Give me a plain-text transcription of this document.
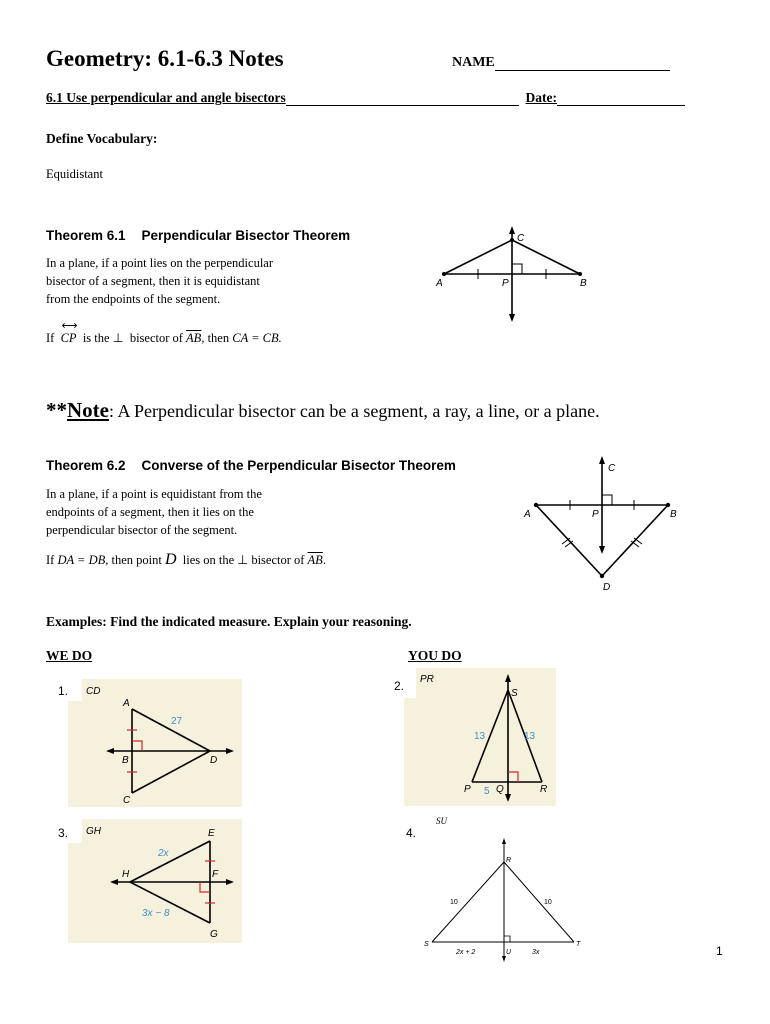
Geometry: 6.1-6.3 Notes	NAME
6.1 Use perpendicular and angle bisectors	Date:
Define Vocabulary:
Equidistant
Theorem 6.1 Perpendicular Bisector Theorem
In a plane, if a point lies on the perpendicular
bisector of a segment, then it is equidistant
from the endpoints of the segment.
If
⟷
CP is the ⊥ bisector of $\overline{AB}$, then CA = CB.
A	B
C
P
**Note: A Perpendicular bisector can be a segment, a ray, a line, or a plane.
Theorem 6.2 Converse of the Perpendicular Bisector Theorem
In a plane, if a point is equidistant from the
endpoints of a segment, then it lies on the
perpendicular bisector of the segment.
If DA = DB, then point D lies on the ⊥ bisector of $\overline{AB}$.
A	B
C
P
D
Examples: Find the indicated measure. Explain your reasoning.
WE DO	YOU DO
1. CD
A
B
C
D
27
2. PR
S
P	Q	R
13	13
5
3. GH	E
H	F
G
2x
3x − 8
4.
SU
R
S	T
U
10	10
2x + 2	3x	1
